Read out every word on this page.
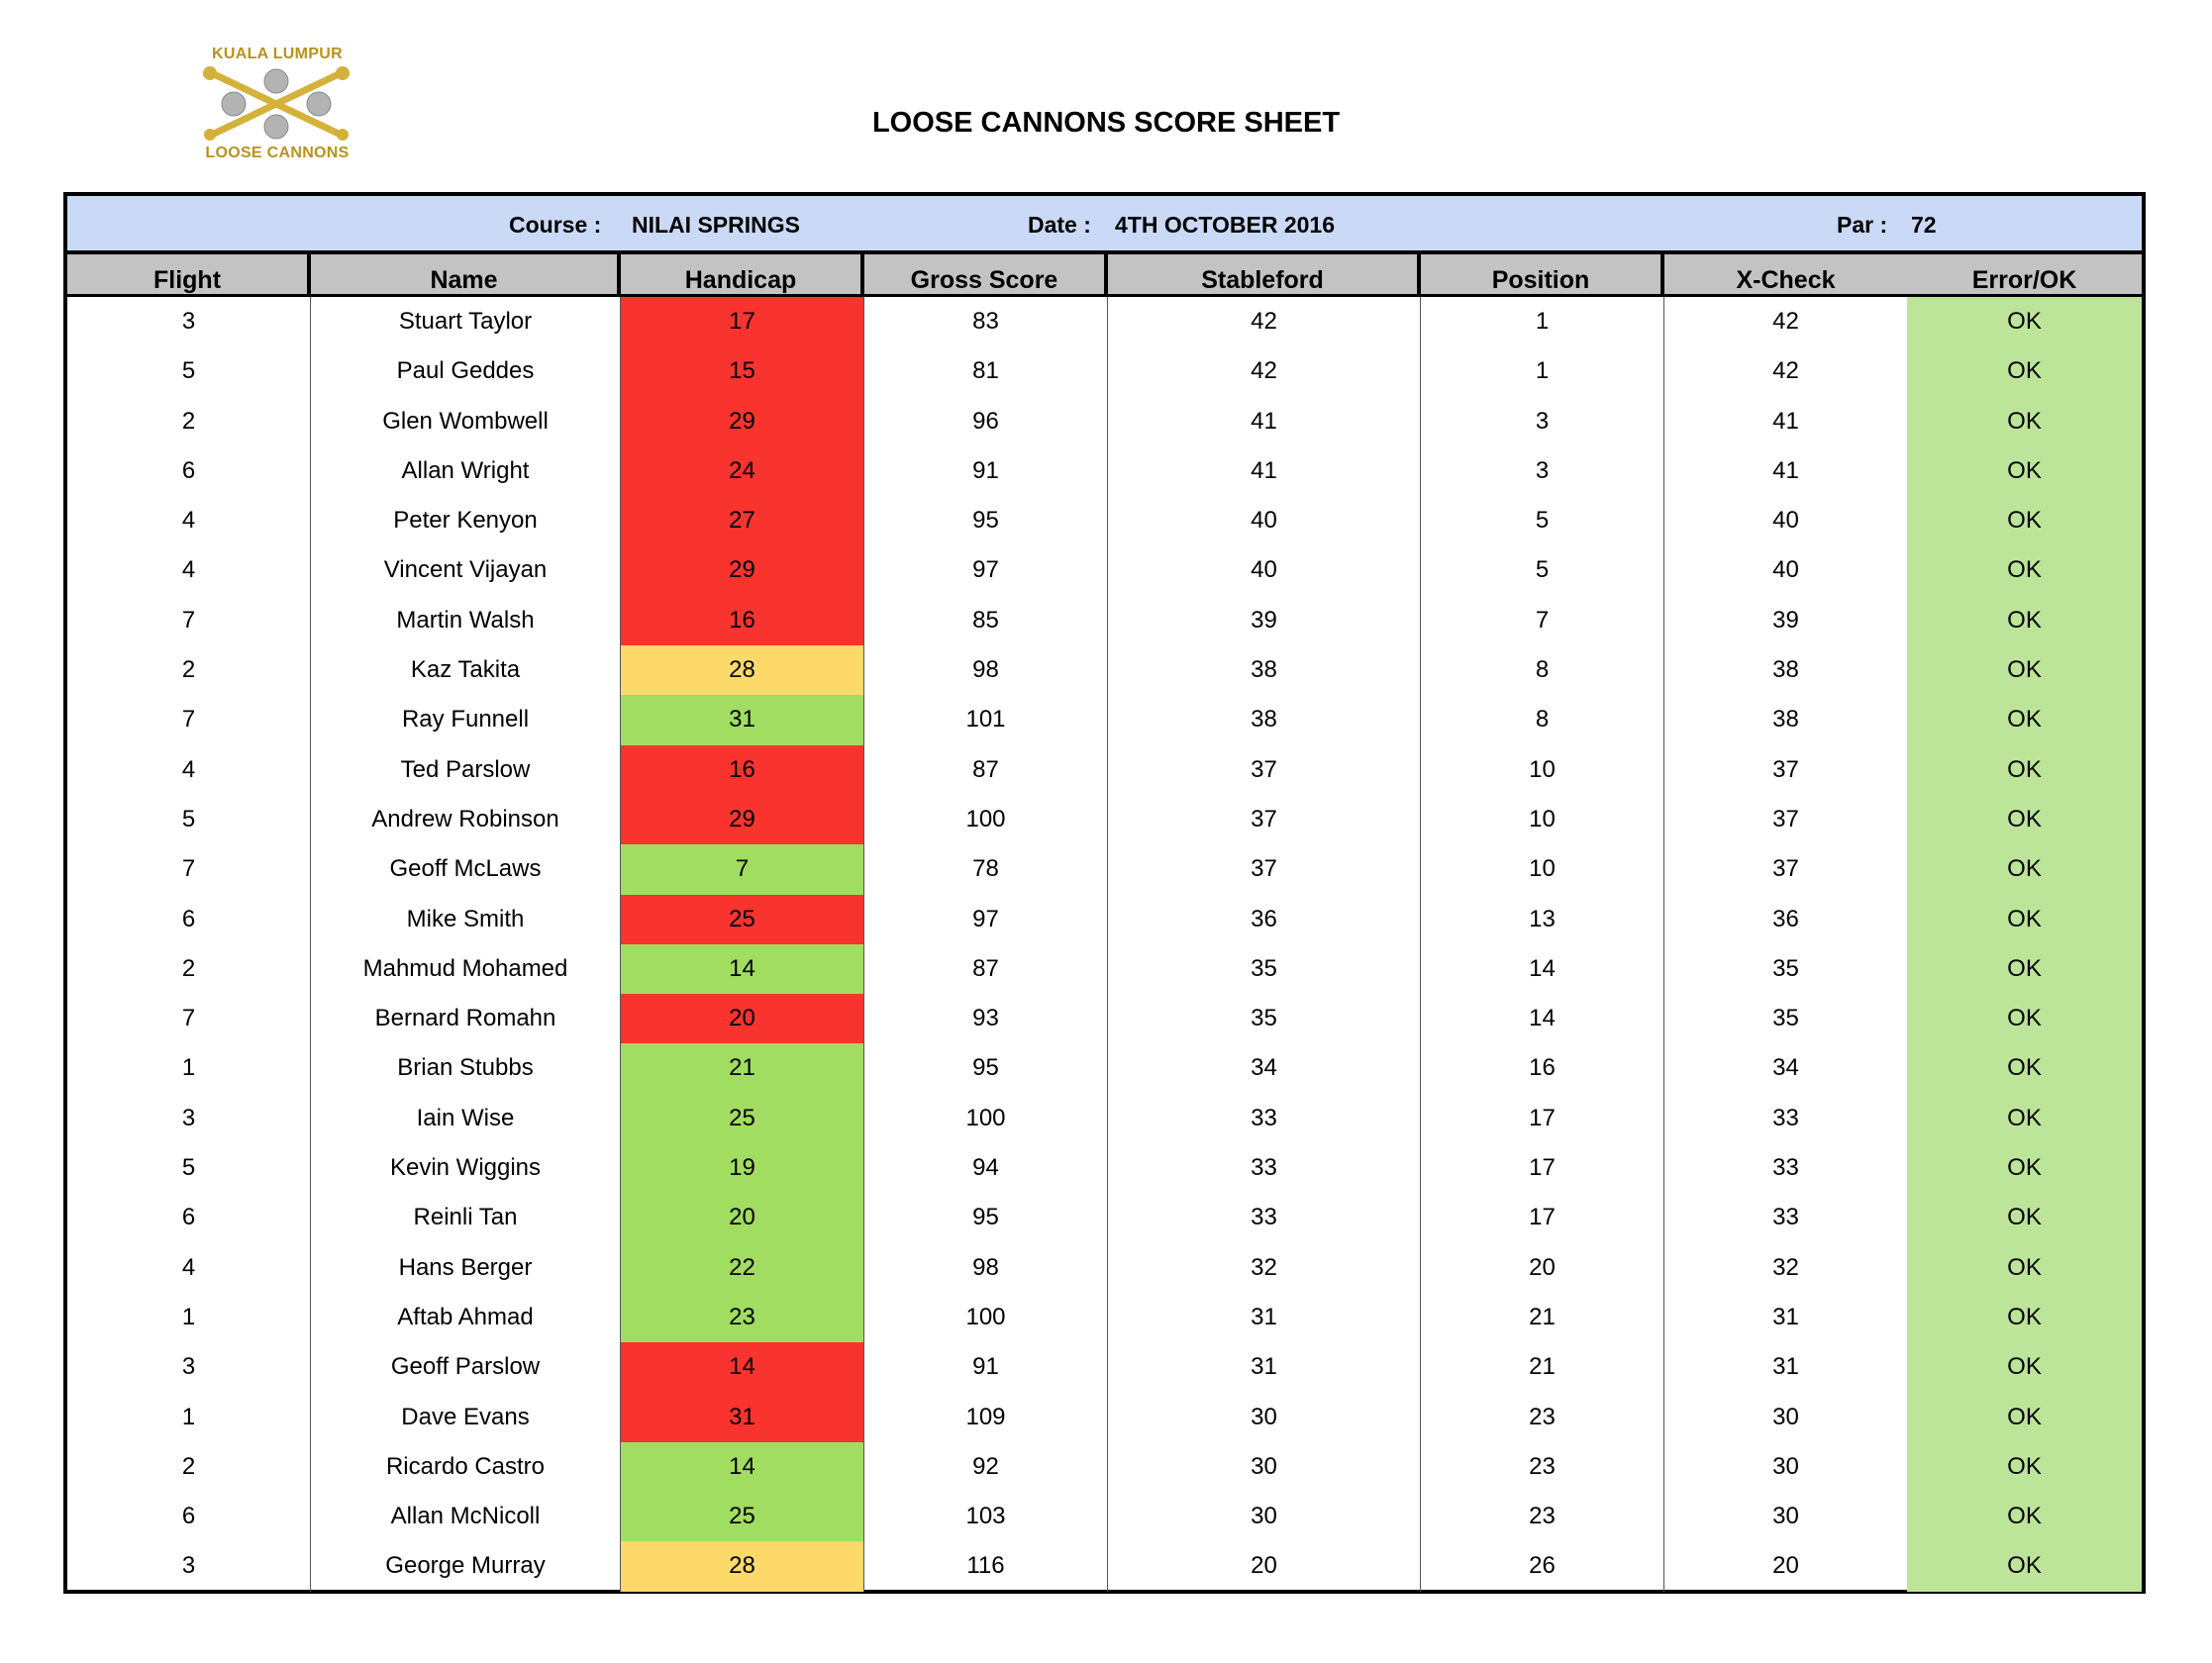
KUALA LUMPUR
LOOSE CANNONS
LOOSE CANNONS SCORE SHEET
Course : NILAI SPRINGS	Date : 4TH OCTOBER 2016	Par : 72
Flight	Name	Handicap	Gross Score	Stableford	Position	X-Check	Error/OK
3	Stuart Taylor	17	83	42	1	42	OK
5	Paul Geddes	15	81	42	1	42	OK
2	Glen Wombwell	29	96	41	3	41	OK
6	Allan Wright	24	91	41	3	41	OK
4	Peter Kenyon	27	95	40	5	40	OK
4	Vincent Vijayan	29	97	40	5	40	OK
7	Martin Walsh	16	85	39	7	39	OK
2	Kaz Takita	28	98	38	8	38	OK
7	Ray Funnell	31	101	38	8	38	OK
4	Ted Parslow	16	87	37	10	37	OK
5	Andrew Robinson	29	100	37	10	37	OK
7	Geoff McLaws	7	78	37	10	37	OK
6	Mike Smith	25	97	36	13	36	OK
2	Mahmud Mohamed	14	87	35	14	35	OK
7	Bernard Romahn	20	93	35	14	35	OK
1	Brian Stubbs	21	95	34	16	34	OK
3	Iain Wise	25	100	33	17	33	OK
5	Kevin Wiggins	19	94	33	17	33	OK
6	Reinli Tan	20	95	33	17	33	OK
4	Hans Berger	22	98	32	20	32	OK
1	Aftab Ahmad	23	100	31	21	31	OK
3	Geoff Parslow	14	91	31	21	31	OK
1	Dave Evans	31	109	30	23	30	OK
2	Ricardo Castro	14	92	30	23	30	OK
6	Allan McNicoll	25	103	30	23	30	OK
3	George Murray	28	116	20	26	20	OK
